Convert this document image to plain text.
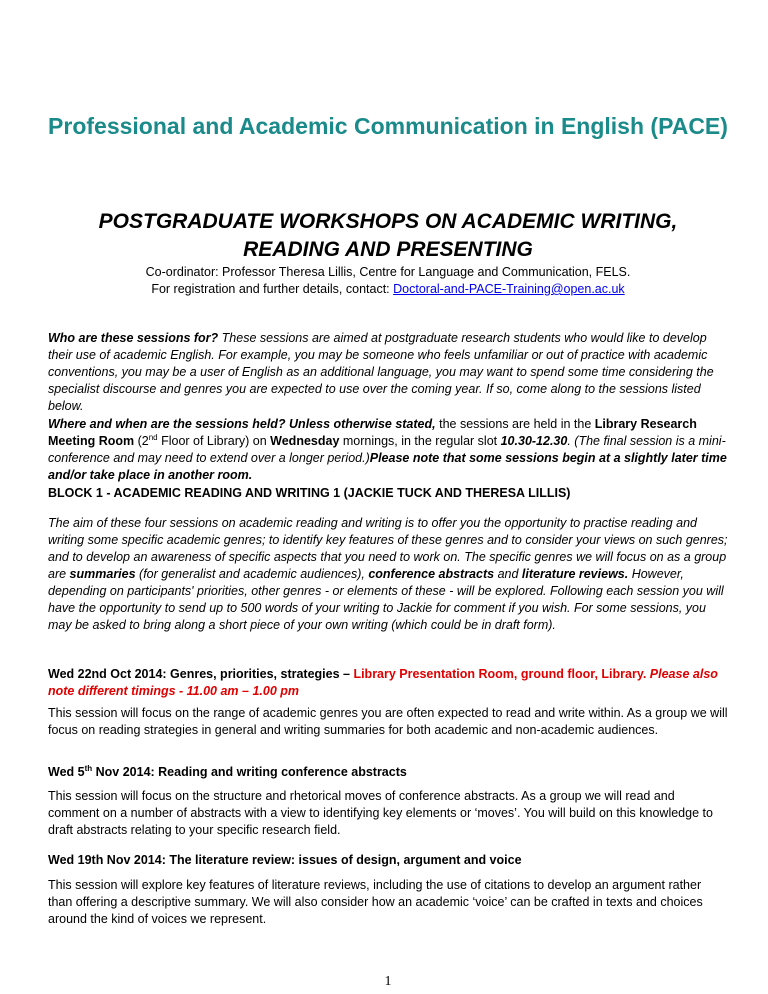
Professional and Academic Communication in English (PACE)
POSTGRADUATE WORKSHOPS ON ACADEMIC WRITING, READING AND PRESENTING
Co-ordinator: Professor Theresa Lillis, Centre for Language and Communication, FELS.
For registration and further details, contact: Doctoral-and-PACE-Training@open.ac.uk

Who are these sessions for? These sessions are aimed at postgraduate research students who would like to develop their use of academic English. For example, you may be someone who feels unfamiliar or out of practice with academic conventions, you may be a user of English as an additional language, you may want to spend some time considering the specialist discourse and genres you are expected to use over the coming year. If so, come along to the sessions listed below.

Where and when are the sessions held? Unless otherwise stated, the sessions are held in the Library Research Meeting Room (2nd Floor of Library) on Wednesday mornings, in the regular slot 10.30-12.30. (The final session is a mini-conference and may need to extend over a longer period.)Please note that some sessions begin at a slightly later time and/or take place in another room.

BLOCK 1 - ACADEMIC READING AND WRITING 1 (JACKIE TUCK AND THERESA LILLIS)

The aim of these four sessions on academic reading and writing is to offer you the opportunity to practise reading and writing some specific academic genres; to identify key features of these genres and to consider your views on such genres; and to develop an awareness of specific aspects that you need to work on. The specific genres we will focus on as a group are summaries (for generalist and academic audiences), conference abstracts and literature reviews. However, depending on participants' priorities, other genres - or elements of these - will be explored. Following each session you will have the opportunity to send up to 500 words of your writing to Jackie for comment if you wish. For some sessions, you may be asked to bring along a short piece of your own writing (which could be in draft form).

Wed 22nd Oct 2014: Genres, priorities, strategies – Library Presentation Room, ground floor, Library. Please also note different timings - 11.00 am – 1.00 pm

This session will focus on the range of academic genres you are often expected to read and write within. As a group we will focus on reading strategies in general and writing summaries for both academic and non-academic audiences.

Wed 5th Nov 2014: Reading and writing conference abstracts

This session will focus on the structure and rhetorical moves of conference abstracts. As a group we will read and comment on a number of abstracts with a view to identifying key elements or ‘moves’. You will build on this knowledge to draft abstracts relating to your specific research field.

Wed 19th Nov 2014: The literature review: issues of design, argument and voice

This session will explore key features of literature reviews, including the use of citations to develop an argument rather than offering a descriptive summary. We will also consider how an academic ‘voice’ can be crafted in texts and choices around the kind of voices we represent.

1
